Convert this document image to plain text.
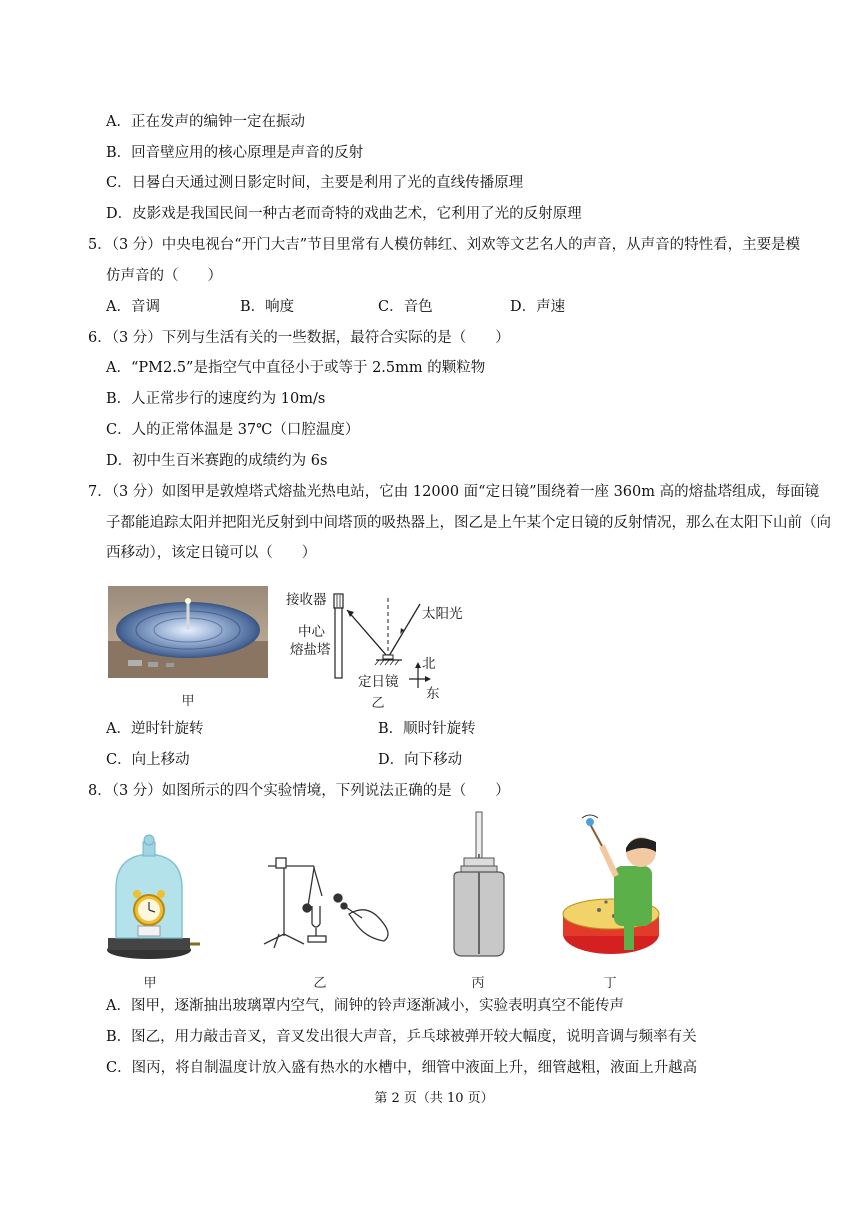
A．正在发声的编钟一定在振动
B．回音壁应用的核心原理是声音的反射
C．日晷白天通过测日影定时间，主要是利用了光的直线传播原理
D．皮影戏是我国民间一种古老而奇特的戏曲艺术，它利用了光的反射原理
5．（3 分）中央电视台“开门大吉”节目里常有人模仿韩红、刘欢等文艺名人的声音，从声音的特性看，主要是模
仿声音的（　　）
A．音调	B．响度	C．音色	D．声速
6．（3 分）下列与生活有关的一些数据，最符合实际的是（　　）
A．“PM2.5”是指空气中直径小于或等于 2.5mm 的颗粒物
B．人正常步行的速度约为 10m/s
C．人的正常体温是 37℃（口腔温度）
D．初中生百米赛跑的成绩约为 6s
7．（3 分）如图甲是敦煌塔式熔盐光热电站，它由 12000 面“定日镜”围绕着一座 360m 高的熔盐塔组成，每面镜
子都能追踪太阳并把阳光反射到中间塔顶的吸热器上，图乙是上午某个定日镜的反射情况，那么在太阳下山前（向
西移动），该定日镜可以（　　）
甲
接收器
中心
熔盐塔
太阳光
定日镜
北
东
乙
A．逆时针旋转	B．顺时针旋转
C．向上移动	D．向下移动
8．（3 分）如图所示的四个实验情境，下列说法正确的是（　　）
甲	乙	丙	丁
A．图甲，逐渐抽出玻璃罩内空气，闹钟的铃声逐渐减小，实验表明真空不能传声
B．图乙，用力敲击音叉，音叉发出很大声音，乒乓球被弹开较大幅度，说明音调与频率有关
C．图丙，将自制温度计放入盛有热水的水槽中，细管中液面上升，细管越粗，液面上升越高
第 2 页（共 10 页）
